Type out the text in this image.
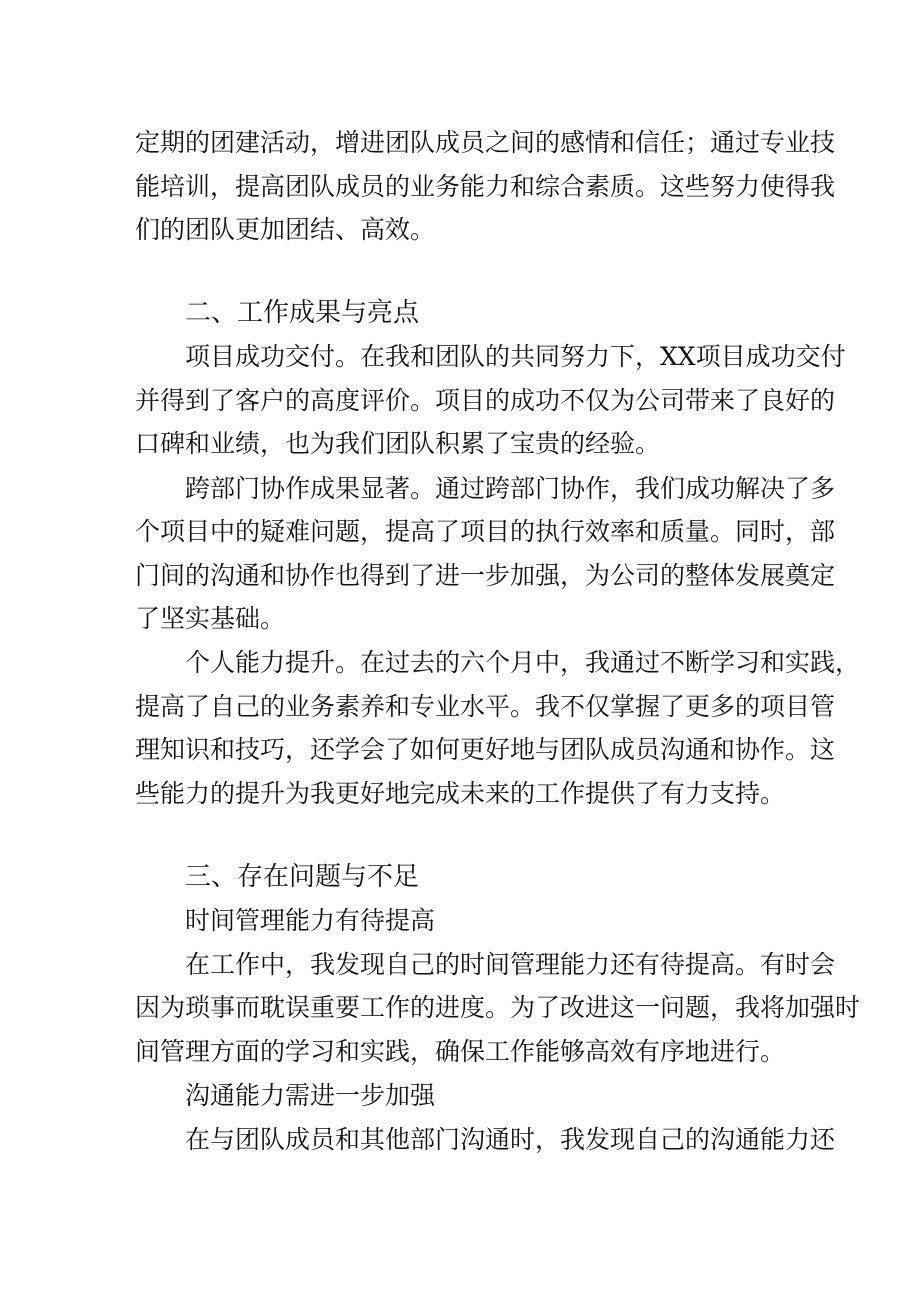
定期的团建活动，增进团队成员之间的感情和信任；通过专业技
能培训，提高团队成员的业务能力和综合素质。这些努力使得我
们的团队更加团结、高效。
二、工作成果与亮点
项目成功交付。在我和团队的共同努力下，XX项目成功交付
并得到了客户的高度评价。项目的成功不仅为公司带来了良好的
口碑和业绩，也为我们团队积累了宝贵的经验。
跨部门协作成果显著。通过跨部门协作，我们成功解决了多
个项目中的疑难问题，提高了项目的执行效率和质量。同时，部
门间的沟通和协作也得到了进一步加强，为公司的整体发展奠定
了坚实基础。
个人能力提升。在过去的六个月中，我通过不断学习和实践，
提高了自己的业务素养和专业水平。我不仅掌握了更多的项目管
理知识和技巧，还学会了如何更好地与团队成员沟通和协作。这
些能力的提升为我更好地完成未来的工作提供了有力支持。
三、存在问题与不足
时间管理能力有待提高
在工作中，我发现自己的时间管理能力还有待提高。有时会
因为琐事而耽误重要工作的进度。为了改进这一问题，我将加强时
间管理方面的学习和实践，确保工作能够高效有序地进行。
沟通能力需进一步加强
在与团队成员和其他部门沟通时，我发现自己的沟通能力还
